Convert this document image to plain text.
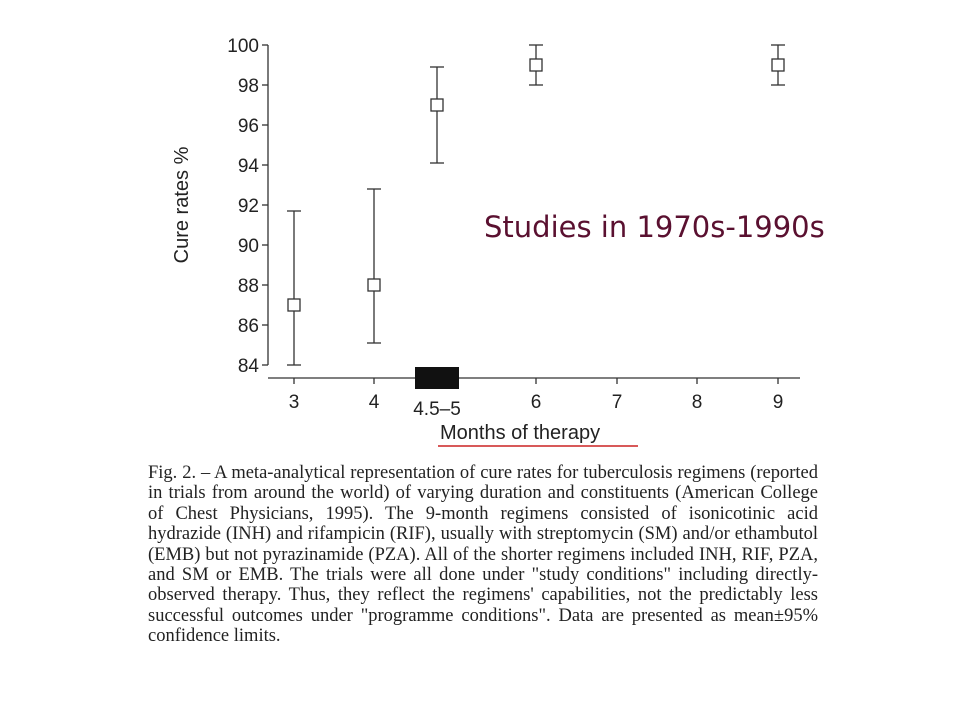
84
86
88
90
92
94
96
98
100
3	4 4.5–5	6	7	8	9
Cure rates %
Months of therapy
Studies in 1970s-1990s

Fig. 2. – A meta-analytical representation of cure rates for tuberculosis regimens (reported in trials from around the world) of varying duration and constituents (American College of Chest Physicians, 1995). The 9-month regimens consisted of isonicotinic acid hydrazide (INH) and rifampicin (RIF), usually with streptomycin (SM) and/or ethambutol (EMB) but not pyrazinamide (PZA). All of the shorter regimens included INH, RIF, PZA, and SM or EMB. The trials were all done under "study conditions" including directly-observed therapy. Thus, they reflect the regimens' capabilities, not the predictably less successful outcomes under "programme conditions". Data are presented as mean±95% confidence limits.
